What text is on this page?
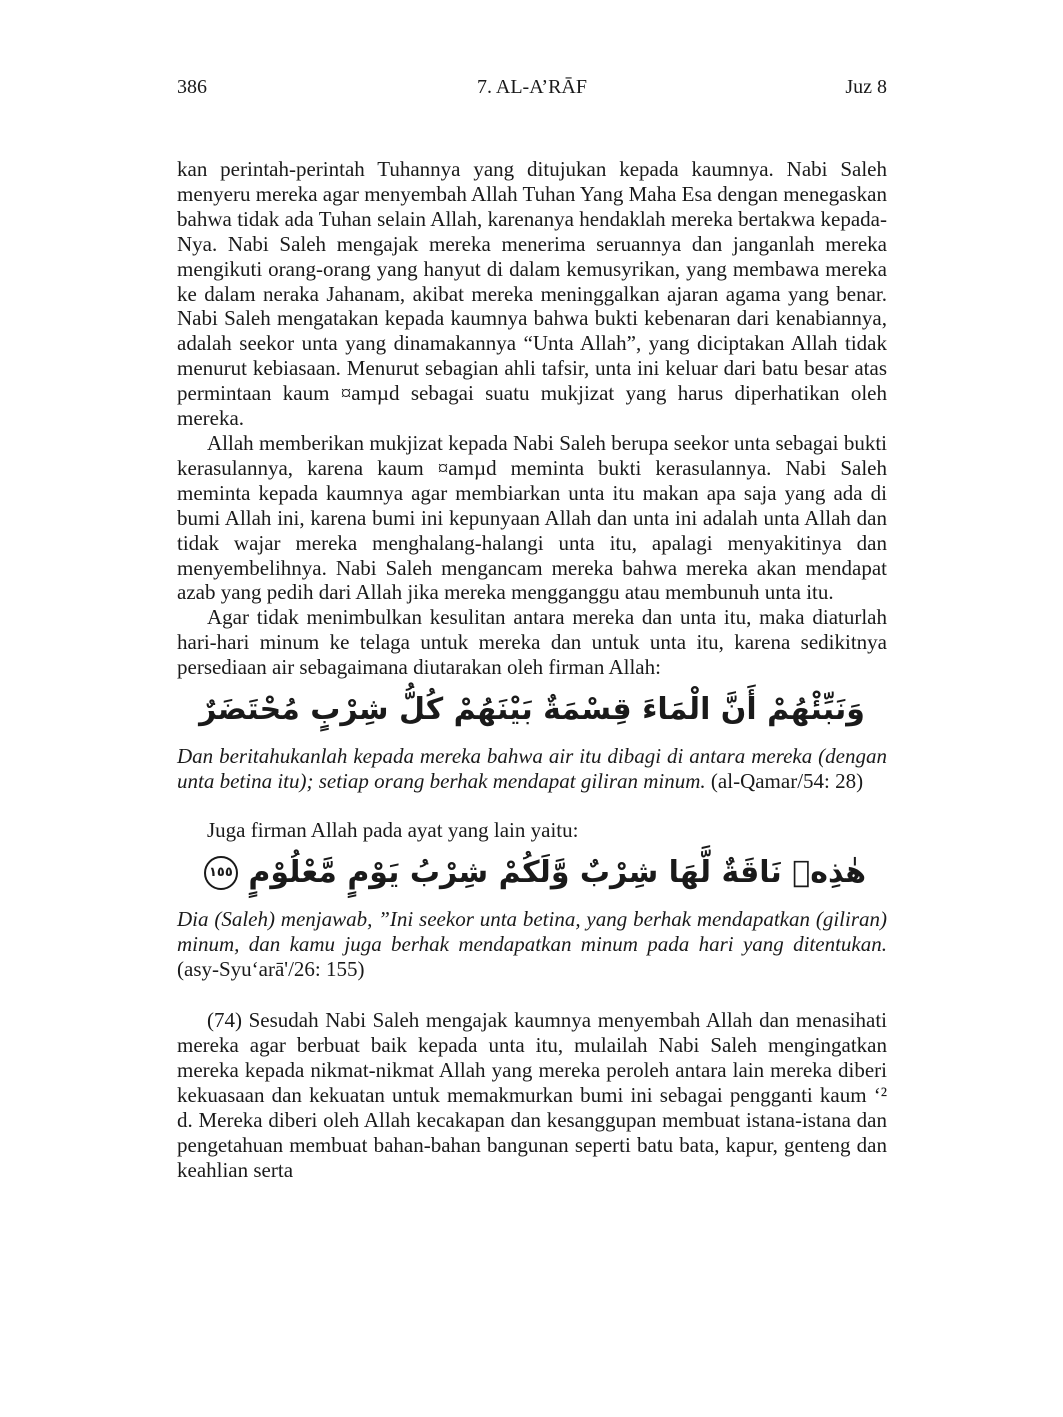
386	7. AL-A’RĀF	Juz 8

kan perintah-perintah Tuhannya yang ditujukan kepada kaumnya. Nabi Saleh menyeru mereka agar menyembah Allah Tuhan Yang Maha Esa dengan menegaskan bahwa tidak ada Tuhan selain Allah, karenanya hendaklah mereka bertakwa kepada-Nya. Nabi Saleh mengajak mereka menerima seruannya dan janganlah mereka mengikuti orang-orang yang hanyut di dalam kemusyrikan, yang membawa mereka ke dalam neraka Jahanam, akibat mereka meninggalkan ajaran agama yang benar. Nabi Saleh mengatakan kepada kaumnya bahwa bukti kebenaran dari kenabiannya, adalah seekor unta yang dinamakannya “Unta Allah”, yang diciptakan Allah tidak menurut kebiasaan. Menurut sebagian ahli tafsir, unta ini keluar dari batu besar atas permintaan kaum ¤amµd sebagai suatu mukjizat yang harus diperhatikan oleh mereka.

Allah memberikan mukjizat kepada Nabi Saleh berupa seekor unta sebagai bukti kerasulannya, karena kaum ¤amµd meminta bukti kerasulannya. Nabi Saleh meminta kepada kaumnya agar membiarkan unta itu makan apa saja yang ada di bumi Allah ini, karena bumi ini kepunyaan Allah dan unta ini adalah unta Allah dan tidak wajar mereka menghalang-halangi unta itu, apalagi menyakitinya dan menyembelihnya. Nabi Saleh mengancam mereka bahwa mereka akan mendapat azab yang pedih dari Allah jika mereka mengganggu atau membunuh unta itu.

Agar tidak menimbulkan kesulitan antara mereka dan unta itu, maka diaturlah hari-hari minum ke telaga untuk mereka dan untuk unta itu, karena sedikitnya persediaan air sebagaimana diutarakan oleh firman Allah:

وَنَبِّئْهُمْ أَنَّ الْمَاءَ قِسْمَةٌ بَيْنَهُمْ كُلُّ شِرْبٍ مُحْتَضَرٌ

Dan beritahukanlah kepada mereka bahwa air itu dibagi di antara mereka (dengan unta betina itu); setiap orang berhak mendapat giliran minum. (al-Qamar/54: 28)

Juga firman Allah pada ayat yang lain yaitu:

هٰذِهٖ نَاقَةٌ لَّهَا شِرْبٌ وَّلَكُمْ شِرْبُ يَوْمٍ مَّعْلُوْمٍ ١٥٥

Dia (Saleh) menjawab, ”Ini seekor unta betina, yang berhak mendapatkan (giliran) minum, dan kamu juga berhak mendapatkan minum pada hari yang ditentukan. (asy-Syu‘arā'/26: 155)

(74) Sesudah Nabi Saleh mengajak kaumnya menyembah Allah dan menasihati mereka agar berbuat baik kepada unta itu, mulailah Nabi Saleh mengingatkan mereka kepada nikmat-nikmat Allah yang mereka peroleh antara lain mereka diberi kekuasaan dan kekuatan untuk memakmurkan bumi ini sebagai pengganti kaum ‘² d. Mereka diberi oleh Allah kecakapan dan kesanggupan membuat istana-istana dan pengetahuan membuat bahan-bahan bangunan seperti batu bata, kapur, genteng dan keahlian serta
